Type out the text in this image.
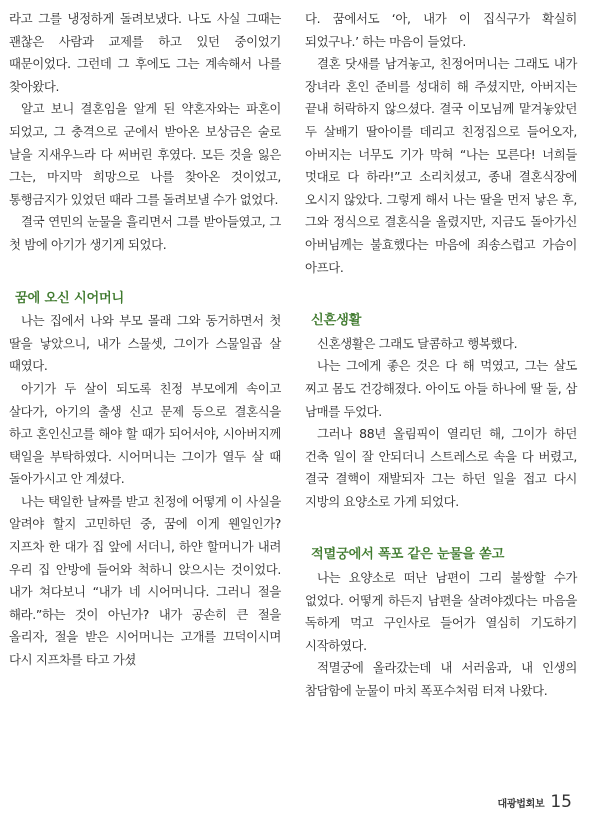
라고 그를 냉정하게 돌려보냈다. 나도 사실 그때는 괜찮은 사람과 교제를 하고 있던 중이었기 때문이었다. 그런데 그 후에도 그는 계속해서 나를 찾아왔다.

알고 보니 결혼임을 알게 된 약혼자와는 파혼이 되었고, 그 충격으로 군에서 받아온 보상금은 술로 날을 지새우느라 다 써버린 후였다. 모든 것을 잃은 그는, 마지막 희망으로 나를 찾아온 것이었고, 통행금지가 있었던 때라 그를 돌려보낼 수가 없었다.

결국 연민의 눈물을 흘리면서 그를 받아들였고, 그 첫 밤에 아기가 생기게 되었다.

꿈에 오신 시어머니

나는 집에서 나와 부모 몰래 그와 동거하면서 첫 딸을 낳았으니, 내가 스물셋, 그이가 스물일곱 살 때였다.

아기가 두 살이 되도록 친정 부모에게 속이고 살다가, 아기의 출생 신고 문제 등으로 결혼식을 하고 혼인신고를 해야 할 때가 되어서야, 시아버지께 택일을 부탁하였다. 시어머니는 그이가 열두 살 때 돌아가시고 안 계셨다.

나는 택일한 날짜를 받고 친정에 어떻게 이 사실을 알려야 할지 고민하던 중, 꿈에 이게 웬일인가? 지프차 한 대가 집 앞에 서더니, 하얀 할머니가 내려 우리 집 안방에 들어와 척하니 앉으시는 것이었다. 내가 쳐다보니 “내가 네 시어머니다. 그러니 절을 해라.”하는 것이 아닌가? 내가 공손히 큰 절을 올리자, 절을 받은 시어머니는 고개를 끄덕이시며 다시 지프차를 타고 가셨

다. 꿈에서도 ‘아, 내가 이 집식구가 확실히 되었구나.’ 하는 마음이 들었다.

결혼 닷새를 남겨놓고, 친정어머니는 그래도 내가 장녀라 혼인 준비를 성대히 해 주셨지만, 아버지는 끝내 허락하지 않으셨다. 결국 이모님께 맡겨놓았던 두 살배기 딸아이를 데리고 친정집으로 들어오자, 아버지는 너무도 기가 막혀 “나는 모른다! 너희들 멋대로 다 하라!”고 소리치셨고, 종내 결혼식장에 오시지 않았다. 그렇게 해서 나는 딸을 먼저 낳은 후, 그와 정식으로 결혼식을 올렸지만, 지금도 돌아가신 아버님께는 불효했다는 마음에 죄송스럽고 가슴이 아프다.

신혼생활

신혼생활은 그래도 달콤하고 행복했다.

나는 그에게 좋은 것은 다 해 먹였고, 그는 살도 찌고 몸도 건강해졌다. 아이도 아들 하나에 딸 둘, 삼 남매를 두었다.

그러나 88년 올림픽이 열리던 해, 그이가 하던 건축 일이 잘 안되더니 스트레스로 속을 다 버렸고, 결국 결핵이 재발되자 그는 하던 일을 접고 다시 지방의 요양소로 가게 되었다.

적멸궁에서 폭포 같은 눈물을 쏟고

나는 요양소로 떠난 남편이 그리 불쌍할 수가 없었다. 어떻게 하든지 남편을 살려야겠다는 마음을 독하게 먹고 구인사로 들어가 열심히 기도하기 시작하였다.

적멸궁에 올라갔는데 내 서러움과, 내 인생의 참담함에 눈물이 마치 폭포수처럼 터져 나왔다.

대광법회보 15
